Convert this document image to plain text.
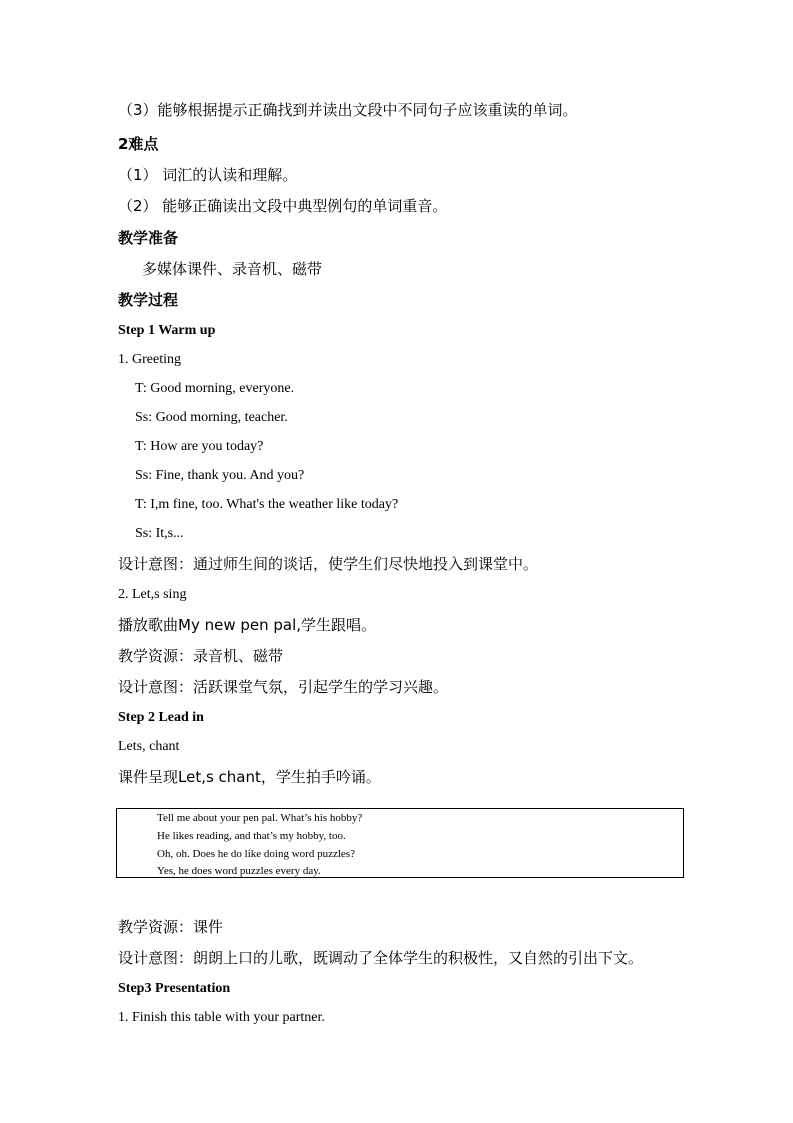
（3）能够根据提示正确找到并读出文段中不同句子应该重读的单词。
2难点
（1） 词汇的认读和理解。
（2） 能够正确读出文段中典型例句的单词重音。
教学准备
多媒体课件、录音机、磁带
教学过程
Step 1 Warm up
1. Greeting
T: Good morning, everyone.
Ss: Good morning, teacher.
T: How are you today?
Ss: Fine, thank you. And you?
T: I,m fine, too. What's the weather like today?
Ss: It,s...
设计意图：通过师生间的谈话，使学生们尽快地投入到课堂中。
2. Let,s sing
播放歌曲My new pen pal,学生跟唱。
教学资源：录音机、磁带
设计意图：活跃课堂气氛，引起学生的学习兴趣。
Step 2 Lead in
Lets, chant
课件呈现Let,s chant，学生拍手吟诵。
Tell me about your pen pal. What’s his hobby?
He likes reading, and that’s my hobby, too.
Oh, oh. Does he do like doing word puzzles?
Yes, he does word puzzles every day.
教学资源：课件
设计意图：朗朗上口的儿歌，既调动了全体学生的积极性，又自然的引出下文。
Step3 Presentation
1. Finish this table with your partner.
